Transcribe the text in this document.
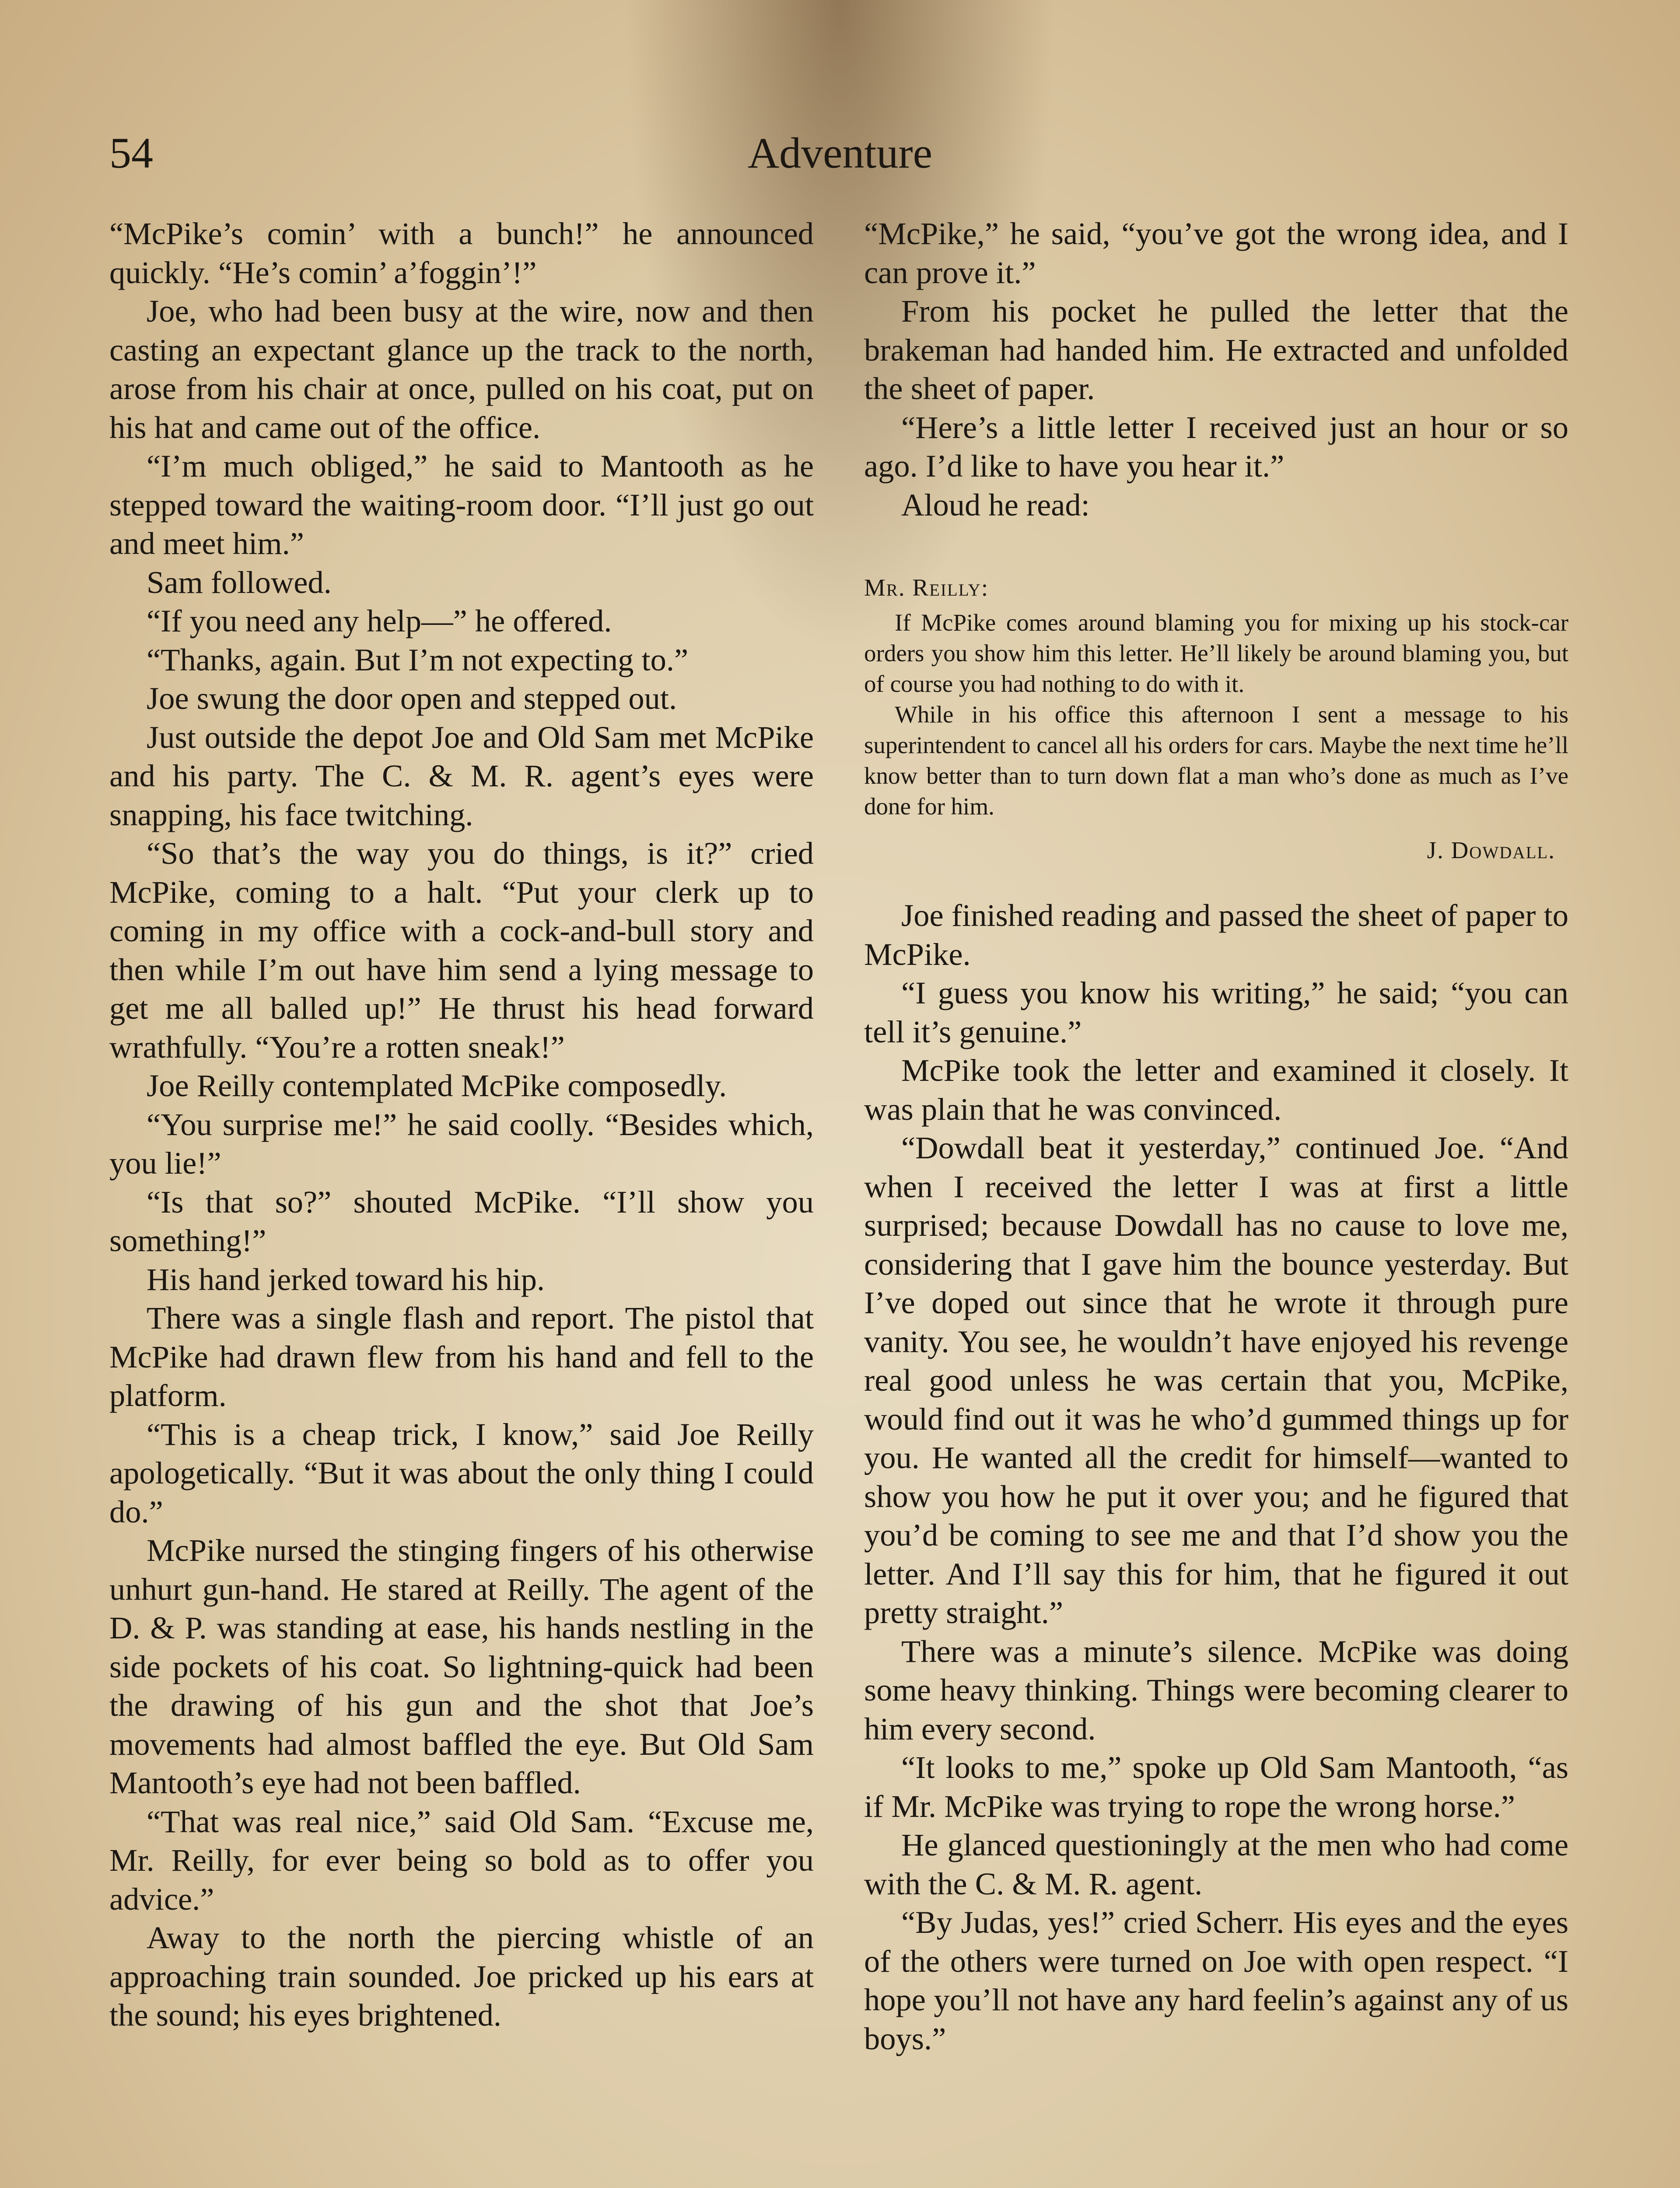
54	Adventure

“McPike’s comin’ with a bunch!” he announced quickly. “He’s comin’ a’foggin’!”

Joe, who had been busy at the wire, now and then casting an expectant glance up the track to the north, arose from his chair at once, pulled on his coat, put on his hat and came out of the office.

“I’m much obliged,” he said to Mantooth as he stepped toward the waiting-room door. “I’ll just go out and meet him.”

Sam followed.

“If you need any help—” he offered.

“Thanks, again. But I’m not expecting to.”

Joe swung the door open and stepped out.

Just outside the depot Joe and Old Sam met McPike and his party. The C. & M. R. agent’s eyes were snapping, his face twitching.

“So that’s the way you do things, is it?” cried McPike, coming to a halt. “Put your clerk up to coming in my office with a cock-and-bull story and then while I’m out have him send a lying message to get me all balled up!” He thrust his head forward wrathfully. “You’re a rotten sneak!”

Joe Reilly contemplated McPike composedly.

“You surprise me!” he said coolly. “Besides which, you lie!”

“Is that so?” shouted McPike. “I’ll show you something!”

His hand jerked toward his hip.

There was a single flash and report. The pistol that McPike had drawn flew from his hand and fell to the platform.

“This is a cheap trick, I know,” said Joe Reilly apologetically. “But it was about the only thing I could do.”

McPike nursed the stinging fingers of his otherwise unhurt gun-hand. He stared at Reilly. The agent of the D. & P. was standing at ease, his hands nestling in the side pockets of his coat. So lightning-quick had been the drawing of his gun and the shot that Joe’s movements had almost baffled the eye. But Old Sam Mantooth’s eye had not been baffled.

“That was real nice,” said Old Sam. “Excuse me, Mr. Reilly, for ever being so bold as to offer you advice.”

Away to the north the piercing whistle of an approaching train sounded. Joe pricked up his ears at the sound; his eyes brightened.

“McPike,” he said, “you’ve got the wrong idea, and I can prove it.”

From his pocket he pulled the letter that the brakeman had handed him. He extracted and unfolded the sheet of paper.

“Here’s a little letter I received just an hour or so ago. I’d like to have you hear it.”

Aloud he read:

Mr. Reilly:

If McPike comes around blaming you for mixing up his stock-car orders you show him this letter. He’ll likely be around blaming you, but of course you had nothing to do with it.

While in his office this afternoon I sent a message to his superintendent to cancel all his orders for cars. Maybe the next time he’ll know better than to turn down flat a man who’s done as much as I’ve done for him.

J. Dowdall.

Joe finished reading and passed the sheet of paper to McPike.

“I guess you know his writing,” he said; “you can tell it’s genuine.”

McPike took the letter and examined it closely. It was plain that he was convinced.

“Dowdall beat it yesterday,” continued Joe. “And when I received the letter I was at first a little surprised; because Dowdall has no cause to love me, considering that I gave him the bounce yesterday. But I’ve doped out since that he wrote it through pure vanity. You see, he wouldn’t have enjoyed his revenge real good unless he was certain that you, McPike, would find out it was he who’d gummed things up for you. He wanted all the credit for himself—wanted to show you how he put it over you; and he figured that you’d be coming to see me and that I’d show you the letter. And I’ll say this for him, that he figured it out pretty straight.”

There was a minute’s silence. McPike was doing some heavy thinking. Things were becoming clearer to him every second.

“It looks to me,” spoke up Old Sam Mantooth, “as if Mr. McPike was trying to rope the wrong horse.”

He glanced questioningly at the men who had come with the C. & M. R. agent.

“By Judas, yes!” cried Scherr. His eyes and the eyes of the others were turned on Joe with open respect. “I hope you’ll not have any hard feelin’s against any of us boys.”
